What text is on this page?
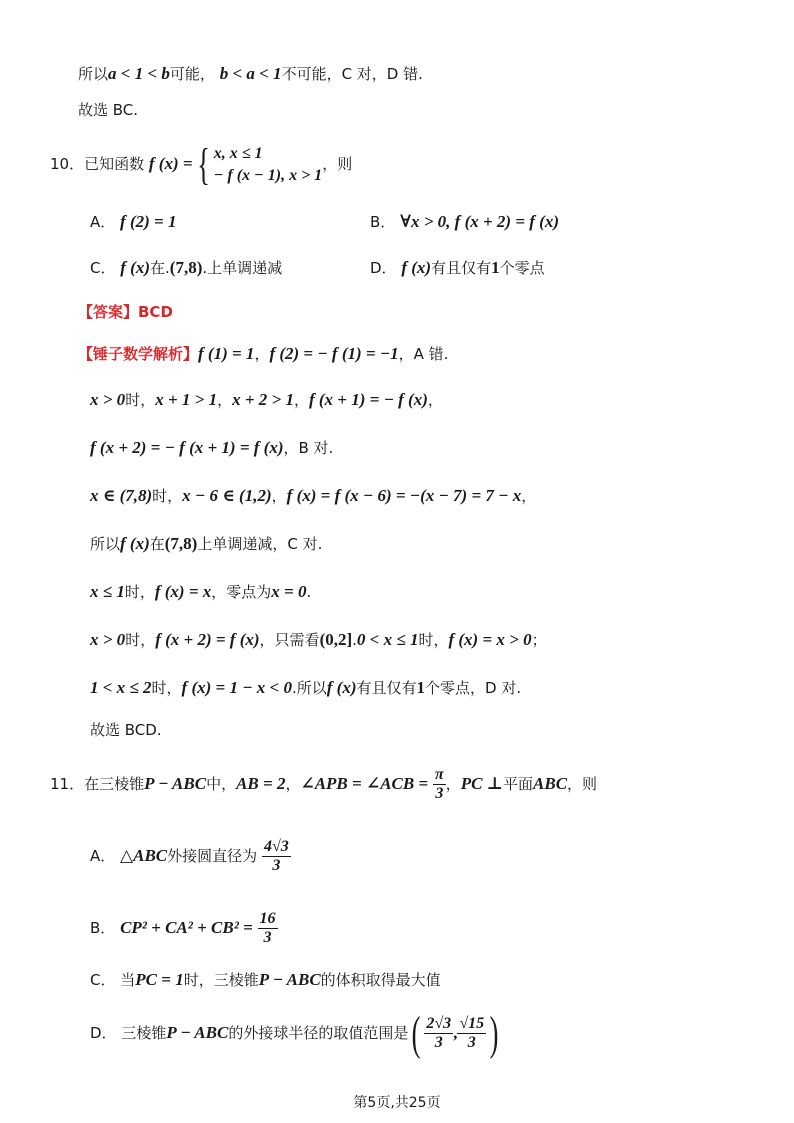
所以a < 1 < b可能， b < a < 1不可能，C 对，D 错.
故选 BC.
10．已知函数 f (x) ={ x, x ≤ 1
− f (x − 1), x > 1
，则
A． f (2) = 1	B． ∀x > 0, f (x + 2) = f (x)
C． f (x)在.(7,8).上单调递减	D． f (x)有且仅有1个零点
【答案】BCD
【锤子数学解析】f (1) = 1，f (2) = − f (1) = −1，A 错.
x > 0时，x + 1 > 1，x + 2 > 1，f (x + 1) = − f (x)，
f (x + 2) = − f (x + 1) = f (x)，B 对.
x ∈ (7,8)时，x − 6 ∈ (1,2)，f (x) = f (x − 6) = −(x − 7) = 7 − x，
所以f (x)在(7,8)上单调递减，C 对.
x ≤ 1时，f (x) = x，零点为x = 0.
x > 0时，f (x + 2) = f (x)，只需看(0,2].0 < x ≤ 1时，f (x) = x > 0；
1 < x ≤ 2时，f (x) = 1 − x < 0.所以f (x)有且仅有1个零点，D 对.
故选 BCD.
11．在三棱锥P − ABC中，AB = 2，∠APB = ∠ACB = $\frac{\pi}{3}$ ，PC ⊥平面ABC，则
A． △ABC外接圆直径为 $\frac{4√3}{3}$
B． $CP^2 + CA^2 + CB^2 = \frac{16}{3}$
C． 当PC = 1时，三棱锥P − ABC的体积取得最大值
D． 三棱锥P − ABC的外接球半径的取值范围是( $\frac{2√3}{3}$ , $\frac{√15}{3}$ )
第5页,共25页
